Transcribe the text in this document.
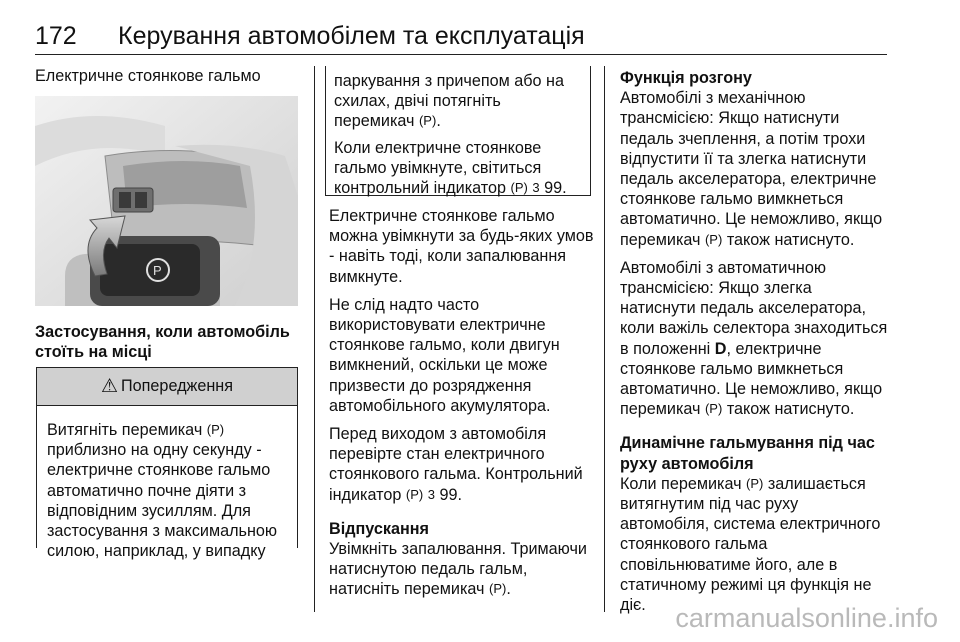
172 Керування автомобілем та експлуатація
Електричне стоянкове гальмо
P
Застосування, коли автомобіль
стоїть на місці
⚠ Попередження
Витягніть перемикач (P)
приблизно на одну секунду -
електричне стоянкове гальмо
автоматично почне діяти з
відповідним зусиллям. Для
застосування з максимальною
силою, наприклад, у випадку

паркування з причепом або на
схилах, двічі потягніть
перемикач (P).

Коли електричне стоянкове
гальмо увімкнуте, світиться
контрольний індикатор (P) 3 99.

Електричне стоянкове гальмо
можна увімкнути за будь-яких умов
- навіть тоді, коли запалювання
вимкнуте.

Не слід надто часто
використовувати електричне
стоянкове гальмо, коли двигун
вимкнений, оскільки це може
призвести до розрядження
автомобільного акумулятора.

Перед виходом з автомобіля
перевірте стан електричного
стоянкового гальма. Контрольний
індикатор (P) 3 99.

Відпускання

Увімкніть запалювання. Тримаючи
натиснутою педаль гальм,
натисніть перемикач (P).

Функція розгону

Автомобілі з механічною
трансмісією: Якщо натиснути
педаль зчеплення, а потім трохи
відпустити її та злегка натиснути
педаль акселератора, електричне
стоянкове гальмо вимкнеться
автоматично. Це неможливо, якщо
перемикач (P) також натиснуто.

Автомобілі з автоматичною
трансмісією: Якщо злегка
натиснути педаль акселератора,
коли важіль селектора знаходиться
в положенні D, електричне
стоянкове гальмо вимкнеться
автоматично. Це неможливо, якщо
перемикач (P) також натиснуто.

Динамічне гальмування під час
руху автомобіля

Коли перемикач (P) залишається
витягнутим під час руху
автомобіля, система електричного
стоянкового гальма
сповільнюватиме його, але в
статичному режимі ця функція не
діє.	carmanualsonline.info
